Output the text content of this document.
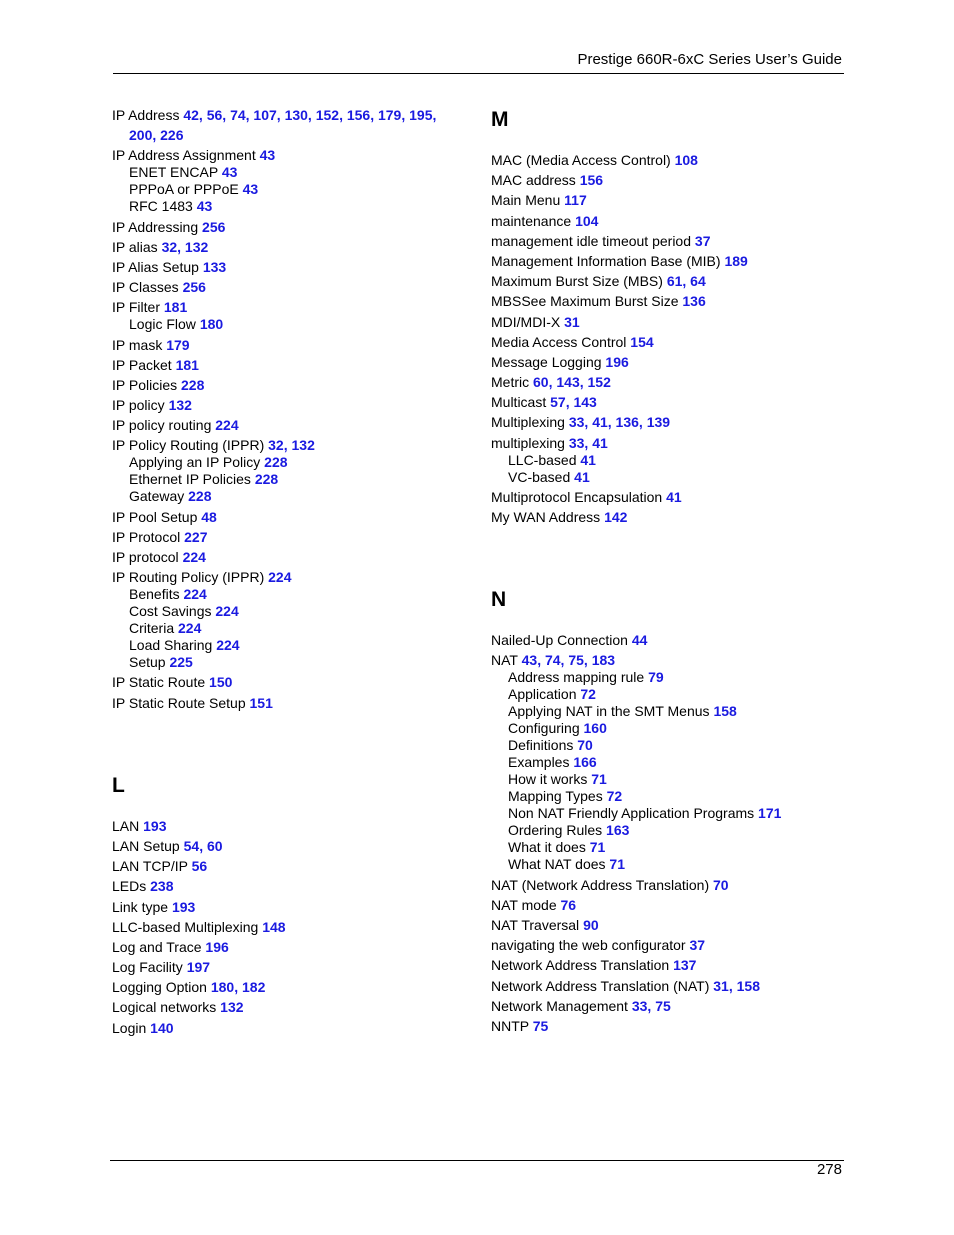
Prestige 660R-6xC Series User’s Guide
IP Address 42, 56, 74, 107, 130, 152, 156, 179, 195,
200, 226
IP Address Assignment 43
ENET ENCAP 43
PPPoA or PPPoE 43
RFC 1483 43
IP Addressing 256
IP alias 32, 132
IP Alias Setup 133
IP Classes 256
IP Filter 181
Logic Flow 180
IP mask 179
IP Packet 181
IP Policies 228
IP policy 132
IP policy routing 224
IP Policy Routing (IPPR) 32, 132
Applying an IP Policy 228
Ethernet IP Policies 228
Gateway 228
IP Pool Setup 48
IP Protocol 227
IP protocol 224
IP Routing Policy (IPPR) 224
Benefits 224
Cost Savings 224
Criteria 224
Load Sharing 224
Setup 225
IP Static Route 150
IP Static Route Setup 151
L
LAN 193
LAN Setup 54, 60
LAN TCP/IP 56
LEDs 238
Link type 193
LLC-based Multiplexing 148
Log and Trace 196
Log Facility 197
Logging Option 180, 182
Logical networks 132
Login 140
M
MAC (Media Access Control) 108
MAC address 156
Main Menu 117
maintenance 104
management idle timeout period 37
Management Information Base (MIB) 189
Maximum Burst Size (MBS) 61, 64
MBSSee Maximum Burst Size 136
MDI/MDI-X 31
Media Access Control 154
Message Logging 196
Metric 60, 143, 152
Multicast 57, 143
Multiplexing 33, 41, 136, 139
multiplexing 33, 41
LLC-based 41
VC-based 41
Multiprotocol Encapsulation 41
My WAN Address 142
N
Nailed-Up Connection 44
NAT 43, 74, 75, 183
Address mapping rule 79
Application 72
Applying NAT in the SMT Menus 158
Configuring 160
Definitions 70
Examples 166
How it works 71
Mapping Types 72
Non NAT Friendly Application Programs 171
Ordering Rules 163
What it does 71
What NAT does 71
NAT (Network Address Translation) 70
NAT mode 76
NAT Traversal 90
navigating the web configurator 37
Network Address Translation 137
Network Address Translation (NAT) 31, 158
Network Management 33, 75
NNTP 75
278
